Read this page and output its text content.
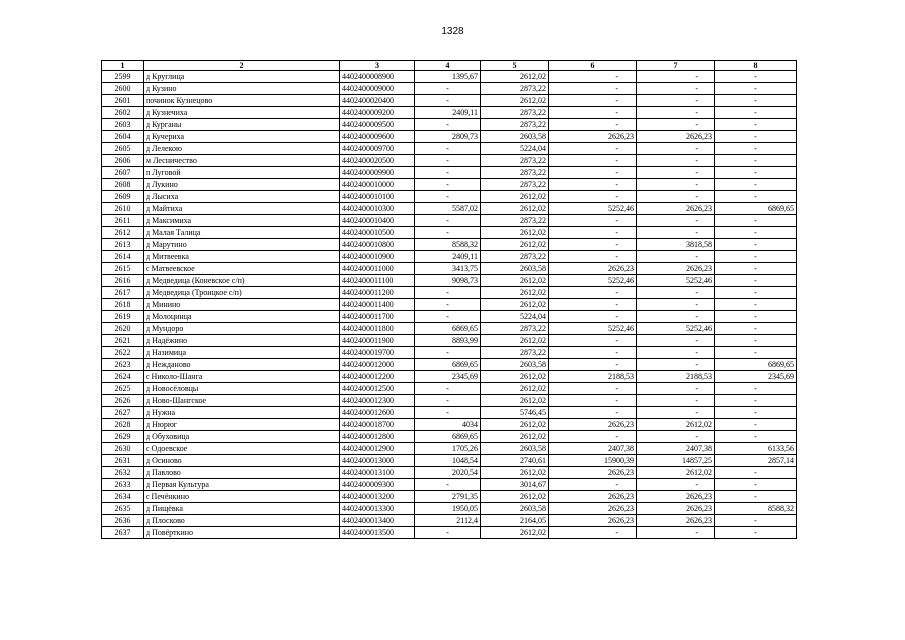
1328
1	2	3	4	5	6	7	8
2599	д Круглица	4402400008900	1395,67	2612,02	-	-	-
2600	д Кузино	4402400009000	-	2873,22	-	-	-
2601	починок Кузнецово	4402400020400	-	2612,02	-	-	-
2602	д Кузнечиха	4402400009200	2409,11	2873,22	-	-	-
2603	д Курганы	4402400009500	-	2873,22	-	-	-
2604	д Кучериха	4402400009600	2809,73	2603,58	2626,23	2626,23	-
2605	д Лелекою	4402400009700	-	5224,04	-	-	-
2606	м Лесничество	4402400020500	-	2873,22	-	-	-
2607	п Луговой	4402400009900	-	2873,22	-	-	-
2608	д Лукино	4402400010000	-	2873,22	-	-	-
2609	д Лысиха	4402400010100	-	2612,02	-	-	-
2610	д Майтиха	4402400010300	5587,02	2612,02	5252,46	2626,23	6869,65
2611	д Максимиха	4402400010400	-	2873,22	-	-	-
2612	д Малая Талица	4402400010500	-	2612,02	-	-	-
2613	д Марутино	4402400010800	8588,32	2612,02	-	3818,58	-
2614	д Митвеевка	4402400010900	2409,11	2873,22	-	-	-
2615	с Матвеевское	4402400011000	3413,75	2603,58	2626,23	2626,23	-
2616	д Медведица (Коневское с/п)	4402400011100	9098,73	2612,02	5252,46	5252,46	-
2617	д Медведица (Троицкое с/п)	4402400011200	-	2612,02	-	-	-
2618	д Минино	4402400011400	-	2612,02	-	-	-
2619	д Молоцинцa	4402400011700	-	5224,04	-	-	-
2620	д Мундоро	4402400011800	6869,65	2873,22	5252,46	5252,46	-
2621	д Надёжино	4402400011900	8893,99	2612,02	-	-	-
2622	д Назимица	4402400019700	-	2873,22	-	-	-
2623	д Нежданово	4402400012000	6869,65	2603,58	-	-	6869,65
2624	с Николо-Шанга	4402400012200	2345,69	2612,02	2188,53	2188,53	2345,69
2625	д Новосёловцы	4402400012500	-	2612,02	-	-	-
2626	д Ново-Шангское	4402400012300	-	2612,02	-	-	-
2627	д Нужна	4402400012600	-	5746,45	-	-	-
2628	д Нюрюг	4402400018700	4034	2612,02	2626,23	2612,02	-
2629	д Обуховица	4402400012800	6869,65	2612,02	-	-	-
2630	с Одоевское	4402400012900	1705,26	2603,58	2407,38	2407,38	6133,56
2631	д Осиново	4402400013000	1048,54	2740,61	15900,39	14857,25	2857,14
2632	д Павлово	4402400013100	2020,54	2612,02	2626,23	2612,02	-
2633	д Первая Культура	4402400009300	-	3014,67	-	-	-
2634	с Печёнкино	4402400013200	2791,35	2612,02	2626,23	2626,23	-
2635	д Пищёвка	4402400013300	1950,05	2603,58	2626,23	2626,23	8588,32
2636	д Плосково	4402400013400	2112,4	2164,05	2626,23	2626,23	-
2637	д Повёрткино	4402400013500	-	2612,02	-	-	-
